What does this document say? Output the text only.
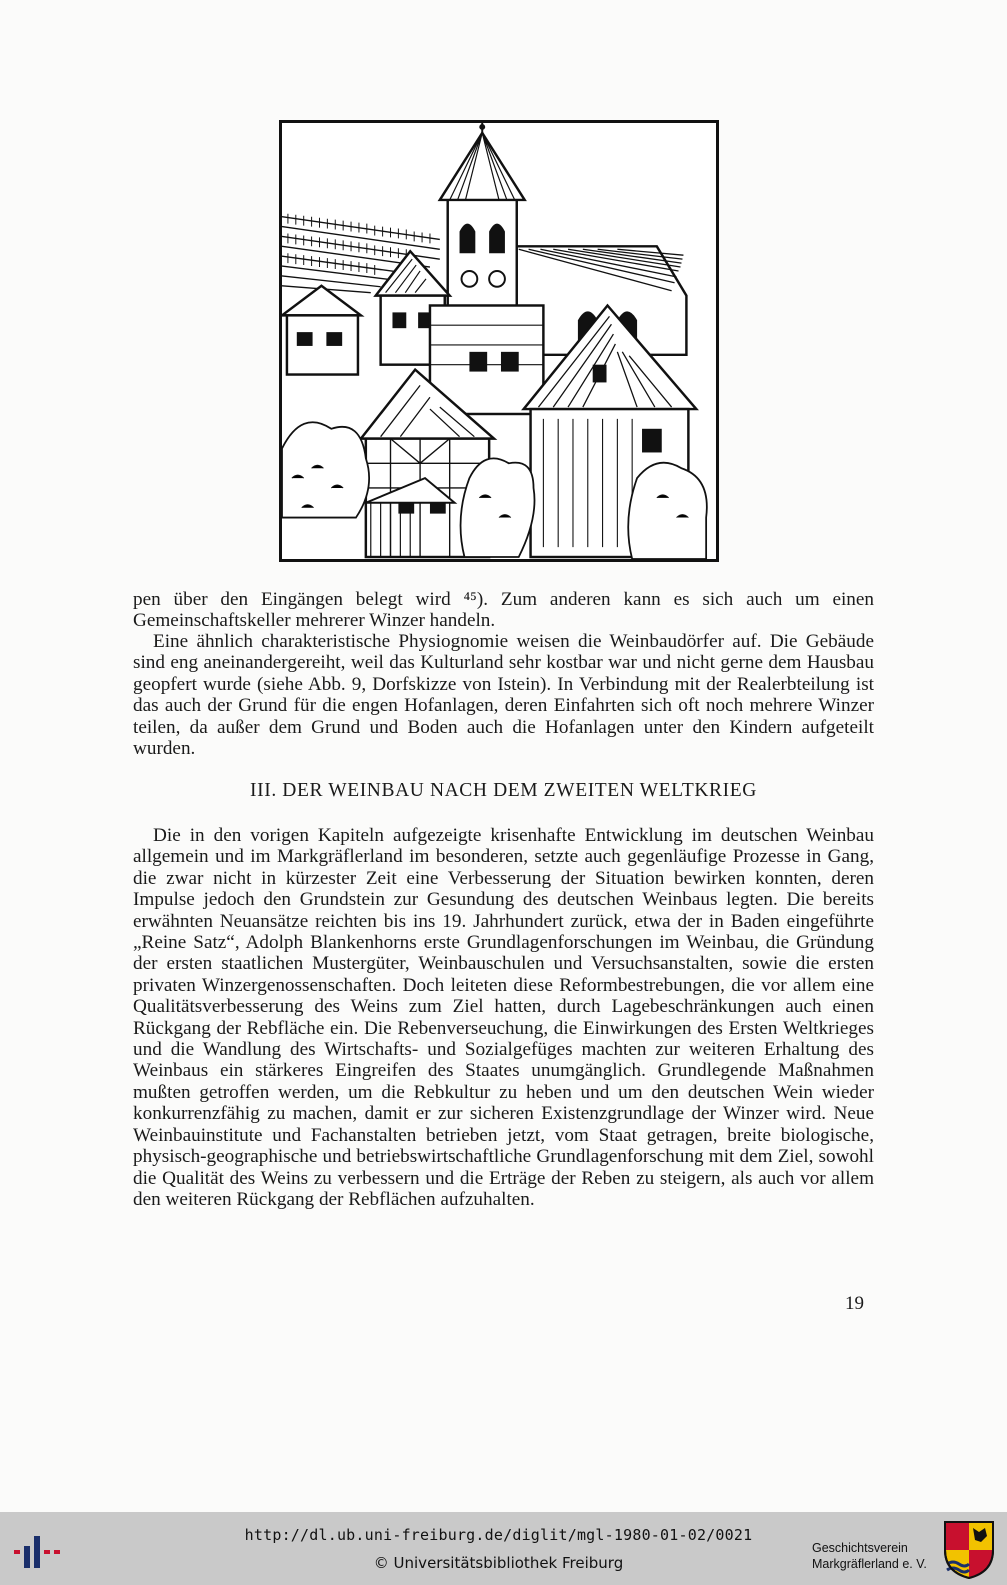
pen über den Eingängen belegt wird ⁴⁵). Zum anderen kann es sich auch um einen Gemeinschaftskeller mehrerer Winzer handeln.

Eine ähnlich charakteristische Physiognomie weisen die Weinbaudörfer auf. Die Gebäude sind eng aneinandergereiht, weil das Kulturland sehr kostbar war und nicht gerne dem Hausbau geopfert wurde (siehe Abb. 9, Dorfskizze von Istein). In Verbindung mit der Realerbteilung ist das auch der Grund für die engen Hofanlagen, deren Einfahrten sich oft noch mehrere Winzer teilen, da außer dem Grund und Boden auch die Hofanlagen unter den Kindern aufgeteilt wurden.

III. DER WEINBAU NACH DEM ZWEITEN WELTKRIEG

Die in den vorigen Kapiteln aufgezeigte krisenhafte Entwicklung im deutschen Weinbau allgemein und im Markgräflerland im besonderen, setzte auch gegenläufige Prozesse in Gang, die zwar nicht in kürzester Zeit eine Verbesserung der Situation bewirken konnten, deren Impulse jedoch den Grundstein zur Gesundung des deutschen Weinbaus legten. Die bereits erwähnten Neuansätze reichten bis ins 19. Jahrhundert zurück, etwa der in Baden eingeführte „Reine Satz“, Adolph Blankenhorns erste Grundlagenforschungen im Weinbau, die Gründung der ersten staatlichen Mustergüter, Weinbauschulen und Versuchsanstalten, sowie die ersten privaten Winzergenossenschaften. Doch leiteten diese Reformbestrebungen, die vor allem eine Qualitätsverbesserung des Weins zum Ziel hatten, durch Lagebeschränkungen auch einen Rückgang der Rebfläche ein. Die Rebenverseuchung, die Einwirkungen des Ersten Weltkrieges und die Wandlung des Wirtschafts- und Sozialgefüges machten zur weiteren Erhaltung des Weinbaus ein stärkeres Eingreifen des Staates unumgänglich. Grundlegende Maßnahmen mußten getroffen werden, um die Rebkultur zu heben und um den deutschen Wein wieder konkurrenzfähig zu machen, damit er zur sicheren Existenzgrundlage der Winzer wird. Neue Weinbauinstitute und Fachanstalten betrieben jetzt, vom Staat getragen, breite biologische, physisch-geographische und betriebswirtschaftliche Grundlagenforschung mit dem Ziel, sowohl die Qualität des Weins zu verbessern und die Erträge der Reben zu steigern, als auch vor allem den weiteren Rückgang der Rebflächen aufzuhalten.

19
http://dl.ub.uni-freiburg.de/diglit/mgl-1980-01-02/0021
© Universitätsbibliothek Freiburg
Geschichtsverein
Markgräflerland e. V.
